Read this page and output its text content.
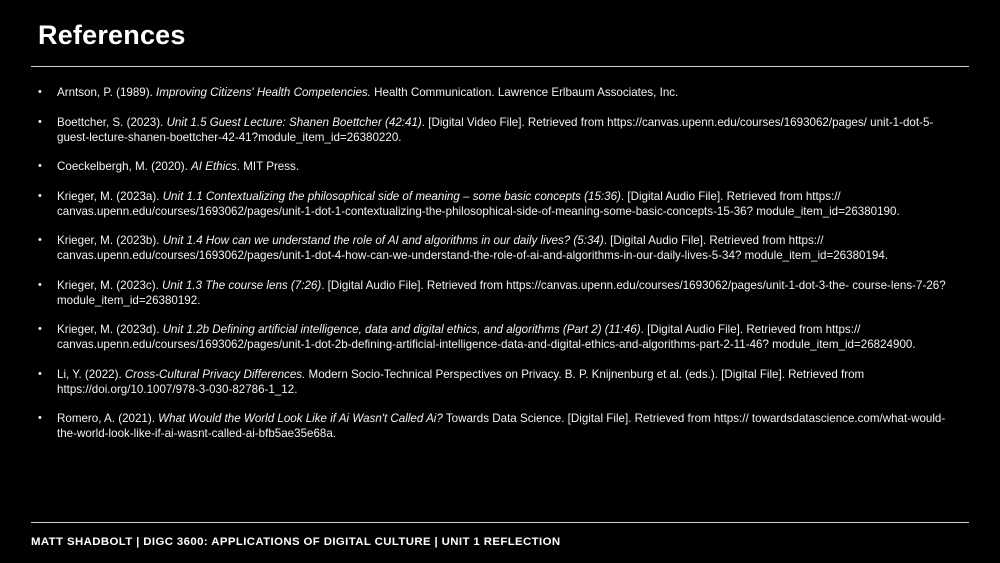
References
• Arntson, P. (1989). Improving Citizens' Health Competencies. Health Communication. Lawrence Erlbaum Associates, Inc.
• Boettcher, S. (2023). Unit 1.5 Guest Lecture: Shanen Boettcher (42:41). [Digital Video File]. Retrieved from https://canvas.upenn.edu/courses/1693062/pages/ unit-1-dot-5-guest-lecture-shanen-boettcher-42-41?module_item_id=26380220.
• Coeckelbergh, M. (2020). AI Ethics. MIT Press.
• Krieger, M. (2023a). Unit 1.1 Contextualizing the philosophical side of meaning – some basic concepts (15:36). [Digital Audio File]. Retrieved from https:// canvas.upenn.edu/courses/1693062/pages/unit-1-dot-1-contextualizing-the-philosophical-side-of-meaning-some-basic-concepts-15-36? module_item_id=26380190.
• Krieger, M. (2023b). Unit 1.4 How can we understand the role of AI and algorithms in our daily lives? (5:34). [Digital Audio File]. Retrieved from https:// canvas.upenn.edu/courses/1693062/pages/unit-1-dot-4-how-can-we-understand-the-role-of-ai-and-algorithms-in-our-daily-lives-5-34? module_item_id=26380194.
• Krieger, M. (2023c). Unit 1.3 The course lens (7:26). [Digital Audio File]. Retrieved from https://canvas.upenn.edu/courses/1693062/pages/unit-1-dot-3-the- course-lens-7-26?module_item_id=26380192.
• Krieger, M. (2023d). Unit 1.2b Defining artificial intelligence, data and digital ethics, and algorithms (Part 2) (11:46). [Digital Audio File]. Retrieved from https:// canvas.upenn.edu/courses/1693062/pages/unit-1-dot-2b-defining-artificial-intelligence-data-and-digital-ethics-and-algorithms-part-2-11-46? module_item_id=26824900.
• Li, Y. (2022). Cross-Cultural Privacy Differences. Modern Socio-Technical Perspectives on Privacy. B. P. Knijnenburg et al. (eds.). [Digital File]. Retrieved from https://doi.org/10.1007/978-3-030-82786-1_12.
• Romero, A. (2021). What Would the World Look Like if Ai Wasn't Called Ai? Towards Data Science. [Digital File]. Retrieved from https:// towardsdatascience.com/what-would-the-world-look-like-if-ai-wasnt-called-ai-bfb5ae35e68a.
MATT SHADBOLT | DIGC 3600: APPLICATIONS OF DIGITAL CULTURE | UNIT 1 REFLECTION
